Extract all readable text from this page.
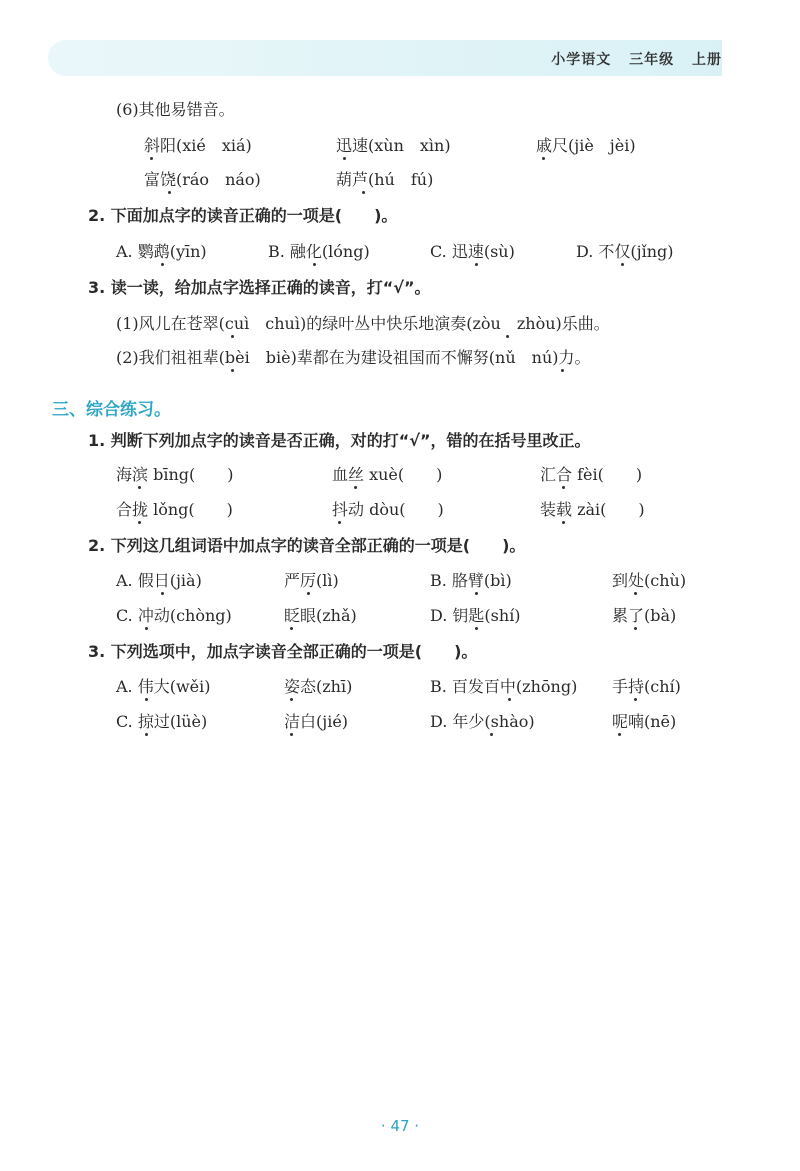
小学语文 三年级 上册
(6)其他易错音。
斜阳(xié　xiá)	迅速(xùn　xìn)	戚尺(jiè　jèi)
富饶(ráo　náo)	葫芦(hú　fú)
2. 下面加点字的读音正确的一项是(　　)。
A. 鹦鹉(yīn)	B. 融化(lóng)	C. 迅速(sù)	D. 不仅(jǐng)
3. 读一读，给加点字选择正确的读音，打“√”。
(1)风儿在苍翠(cuì　chuì)的绿叶丛中快乐地演奏(zòu　zhòu)乐曲。
(2)我们祖祖辈(bèi　biè)辈都在为建设祖国而不懈努(nǔ　nú)力。
三、综合练习。
1. 判断下列加点字的读音是否正确，对的打“√”，错的在括号里改正。
海滨 bīng(　　)	血丝 xuè(　　)	汇合 fèi(　　)
合拢 lǒng(　　)	抖动 dòu(　　)	装载 zài(　　)
2. 下列这几组词语中加点字的读音全部正确的一项是(　　)。
A. 假日(jià)	严厉(lì)	B. 胳臂(bì)	到处(chù)
C. 冲动(chòng)	眨眼(zhǎ)	D. 钥匙(shí)	累了(bà)
3. 下列选项中，加点字读音全部正确的一项是(　　)。
A. 伟大(wěi)	姿态(zhī)	B. 百发百中(zhōng) 手持(chí)
C. 掠过(lüè)	洁白(jié)	D. 年少(shào)	呢喃(nē)
· 47 ·
